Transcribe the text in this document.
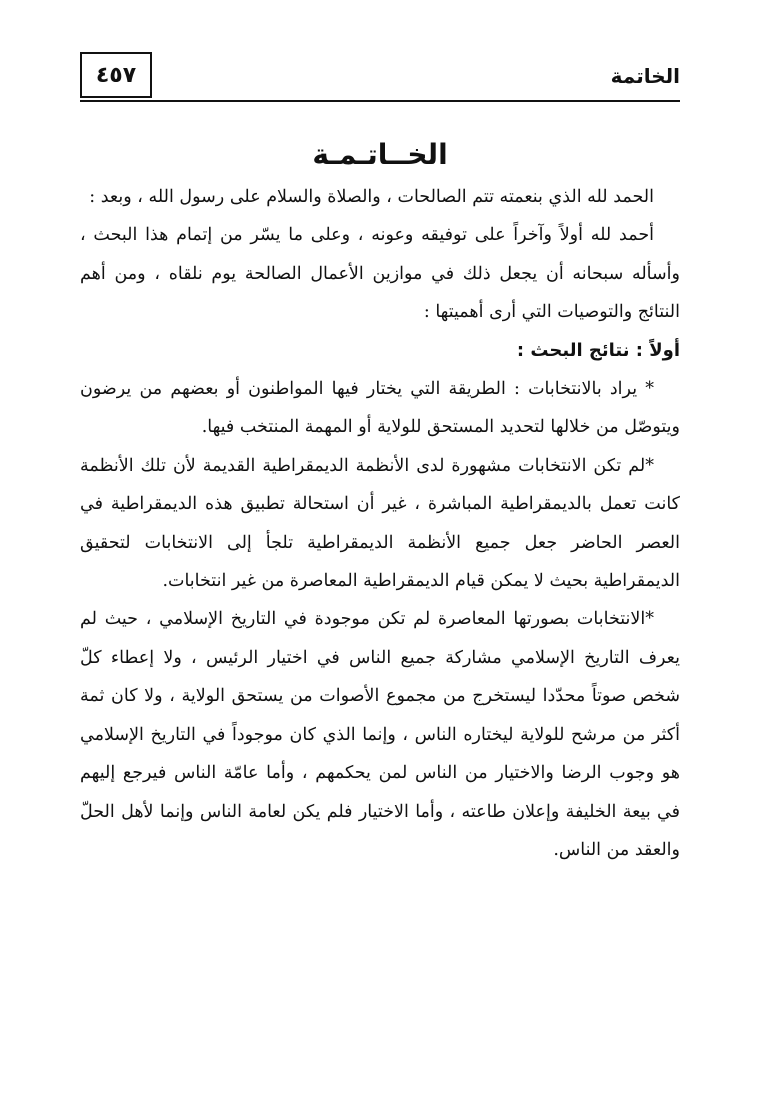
الخاتمة
٤٥٧
الخــاتـمـة

الحمد لله الذي بنعمته تتم الصالحات ، والصلاة والسلام على رسول الله ، وبعد :

أحمد لله أولاً وآخراً على توفيقه وعونه ، وعلى ما يسّر من إتمام هذا البحث ، وأسأله سبحانه أن يجعل ذلك في موازين الأعمال الصالحة يوم نلقاه ، ومن أهم النتائج والتوصيات التي أرى أهميتها :

أولاً : نتائج البحث :

* يراد بالانتخابات : الطريقة التي يختار فيها المواطنون أو بعضهم من يرضون ويتوصّل من خلالها لتحديد المستحق للولاية أو المهمة المنتخب فيها.

*لم تكن الانتخابات مشهورة لدى الأنظمة الديمقراطية القديمة لأن تلك الأنظمة كانت تعمل بالديمقراطية المباشرة ، غير أن استحالة تطبيق هذه الديمقراطية في العصر الحاضر جعل جميع الأنظمة الديمقراطية تلجأ إلى الانتخابات لتحقيق الديمقراطية بحيث لا يمكن قيام الديمقراطية المعاصرة من غير انتخابات.

*الانتخابات بصورتها المعاصرة لم تكن موجودة في التاريخ الإسلامي ، حيث لم يعرف التاريخ الإسلامي مشاركة جميع الناس في اختيار الرئيس ، ولا إعطاء كلّ شخص صوتاً محدّدا ليستخرج من مجموع الأصوات من يستحق الولاية ، ولا كان ثمة أكثر من مرشح للولاية ليختاره الناس ، وإنما الذي كان موجوداً في التاريخ الإسلامي هو وجوب الرضا والاختيار من الناس لمن يحكمهم ، وأما عامّة الناس فيرجع إليهم في بيعة الخليفة وإعلان طاعته ، وأما الاختيار فلم يكن لعامة الناس وإنما لأهل الحلّ والعقد من الناس.
